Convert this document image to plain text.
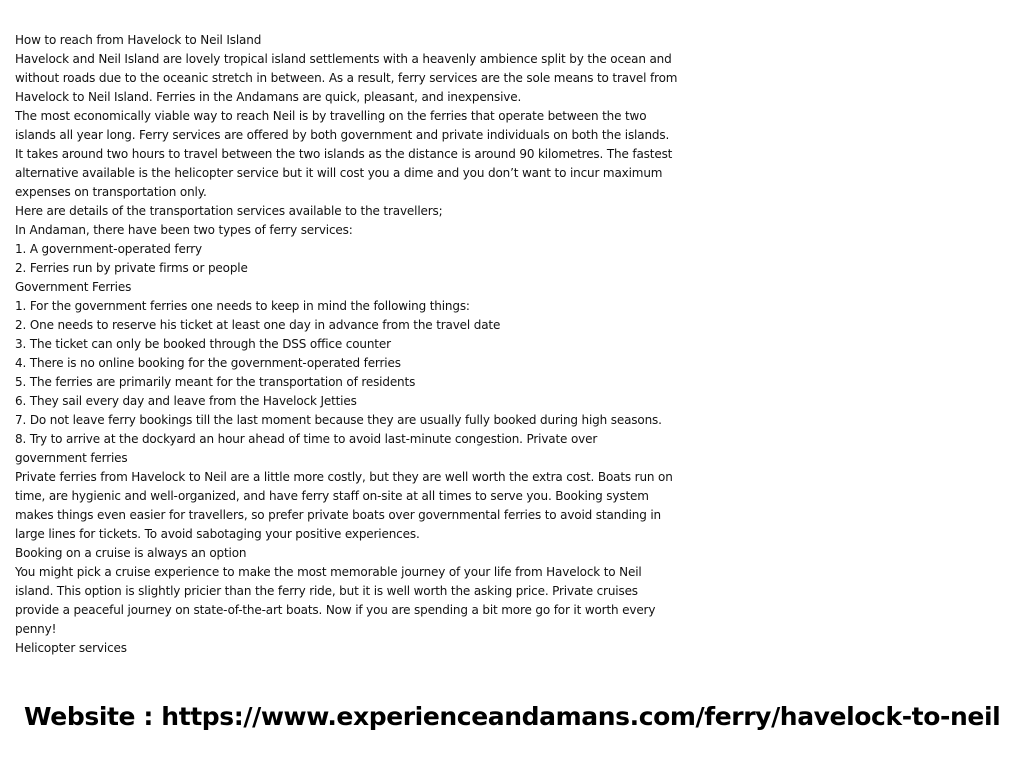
How to reach from Havelock to Neil Island
Havelock and Neil Island are lovely tropical island settlements with a heavenly ambience split by the ocean and
without roads due to the oceanic stretch in between. As a result, ferry services are the sole means to travel from
Havelock to Neil Island. Ferries in the Andamans are quick, pleasant, and inexpensive.
The most economically viable way to reach Neil is by travelling on the ferries that operate between the two
islands all year long. Ferry services are offered by both government and private individuals on both the islands.
It takes around two hours to travel between the two islands as the distance is around 90 kilometres. The fastest
alternative available is the helicopter service but it will cost you a dime and you don’t want to incur maximum
expenses on transportation only.
Here are details of the transportation services available to the travellers;
In Andaman, there have been two types of ferry services:
1. A government-operated ferry
2. Ferries run by private firms or people
Government Ferries
1. For the government ferries one needs to keep in mind the following things:
2. One needs to reserve his ticket at least one day in advance from the travel date
3. The ticket can only be booked through the DSS office counter
4. There is no online booking for the government-operated ferries
5. The ferries are primarily meant for the transportation of residents
6. They sail every day and leave from the Havelock Jetties
7. Do not leave ferry bookings till the last moment because they are usually fully booked during high seasons.
8. Try to arrive at the dockyard an hour ahead of time to avoid last-minute congestion. Private over
government ferries
Private ferries from Havelock to Neil are a little more costly, but they are well worth the extra cost. Boats run on
time, are hygienic and well-organized, and have ferry staff on-site at all times to serve you. Booking system
makes things even easier for travellers, so prefer private boats over governmental ferries to avoid standing in
large lines for tickets. To avoid sabotaging your positive experiences.
Booking on a cruise is always an option
You might pick a cruise experience to make the most memorable journey of your life from Havelock to Neil
island. This option is slightly pricier than the ferry ride, but it is well worth the asking price. Private cruises
provide a peaceful journey on state-of-the-art boats. Now if you are spending a bit more go for it worth every
penny!
Helicopter services
Website : https://www.experienceandamans.com/ferry/havelock-to-neil
